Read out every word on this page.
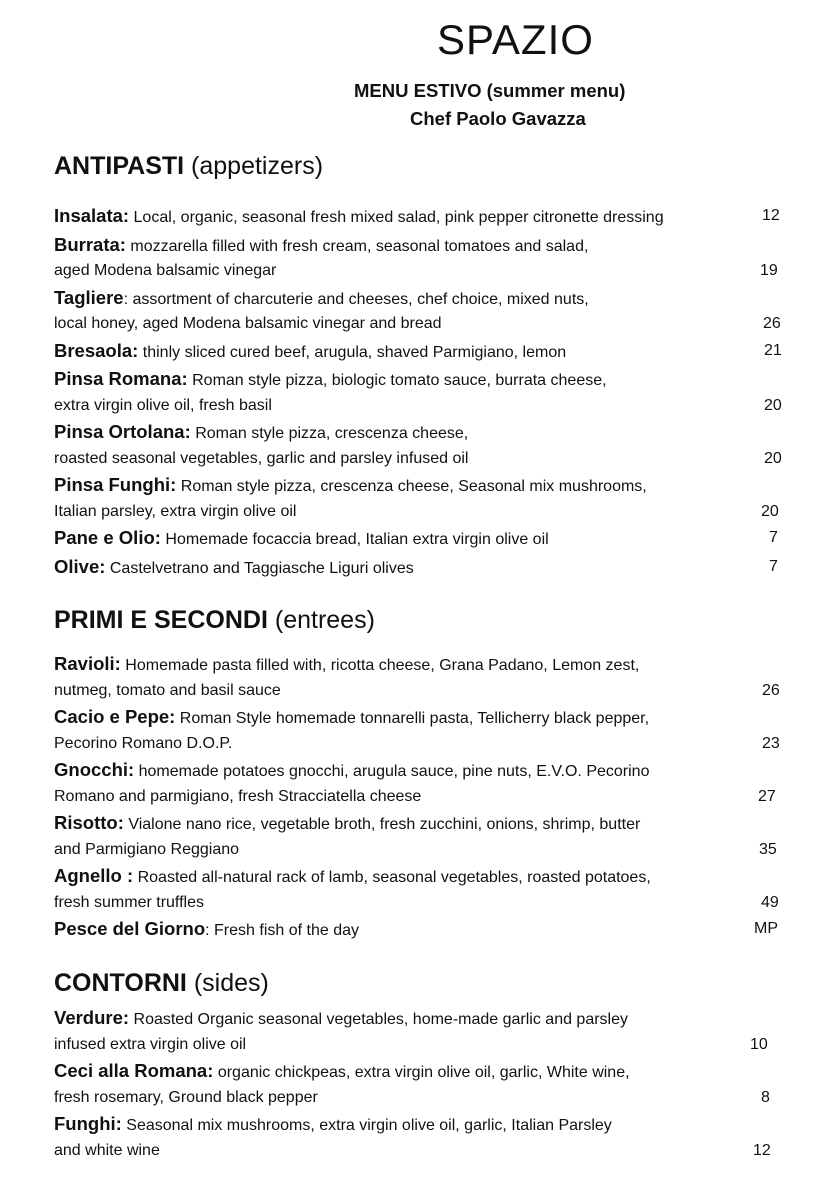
SPAZIO
MENU ESTIVO (summer menu)
Chef Paolo Gavazza
ANTIPASTI (appetizers)
Insalata: Local, organic, seasonal fresh mixed salad, pink pepper citronette dressing	12
Burrata: mozzarella filled with fresh cream, seasonal tomatoes and salad,
aged Modena balsamic vinegar	19
Tagliere: assortment of charcuterie and cheeses, chef choice, mixed nuts,
local honey, aged Modena balsamic vinegar and bread	26
Bresaola: thinly sliced cured beef, arugula, shaved Parmigiano, lemon	21
Pinsa Romana: Roman style pizza, biologic tomato sauce, burrata cheese,
extra virgin olive oil, fresh basil	20
Pinsa Ortolana: Roman style pizza, crescenza cheese,
roasted seasonal vegetables, garlic and parsley infused oil	20
Pinsa Funghi: Roman style pizza, crescenza cheese, Seasonal mix mushrooms,
Italian parsley, extra virgin olive oil	20
Pane e Olio: Homemade focaccia bread, Italian extra virgin olive oil	7
Olive: Castelvetrano and Taggiasche Liguri olives	7
PRIMI E SECONDI (entrees)
Ravioli: Homemade pasta filled with, ricotta cheese, Grana Padano, Lemon zest,
nutmeg, tomato and basil sauce	26
Cacio e Pepe: Roman Style homemade tonnarelli pasta, Tellicherry black pepper,
Pecorino Romano D.O.P.	23
Gnocchi: homemade potatoes gnocchi, arugula sauce, pine nuts, E.V.O. Pecorino
Romano and parmigiano, fresh Stracciatella cheese	27
Risotto: Vialone nano rice, vegetable broth, fresh zucchini, onions, shrimp, butter
and Parmigiano Reggiano	35
Agnello : Roasted all-natural rack of lamb, seasonal vegetables, roasted potatoes,
fresh summer truffles	49
Pesce del Giorno: Fresh fish of the day	MP
CONTORNI (sides)
Verdure: Roasted Organic seasonal vegetables, home-made garlic and parsley
infused extra virgin olive oil	10
Ceci alla Romana: organic chickpeas, extra virgin olive oil, garlic, White wine,
fresh rosemary, Ground black pepper	8
Funghi: Seasonal mix mushrooms, extra virgin olive oil, garlic, Italian Parsley
and white wine	12
